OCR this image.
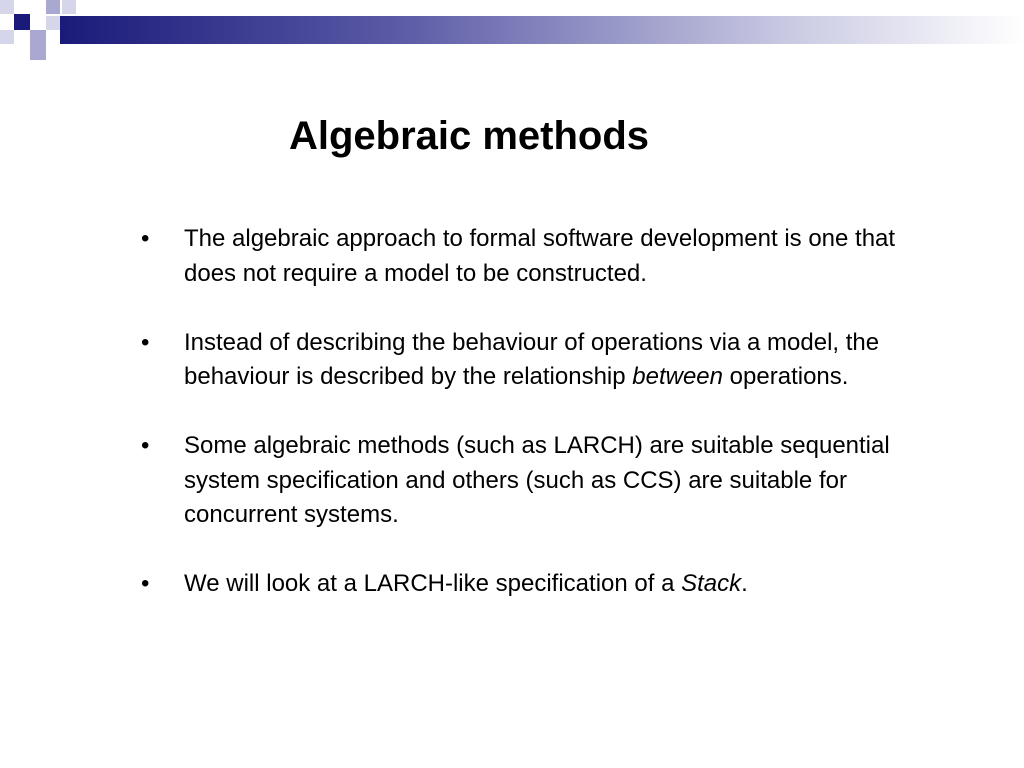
Algebraic methods
•	The algebraic approach to formal software development is one that does not require a model to be constructed.
•	Instead of describing the behaviour of operations via a model, the behaviour is described by the relationship between operations.
•	Some algebraic methods (such as LARCH) are suitable sequential system specification and others (such as CCS) are suitable for concurrent systems.
•	We will look at a LARCH-like specification of a Stack.
